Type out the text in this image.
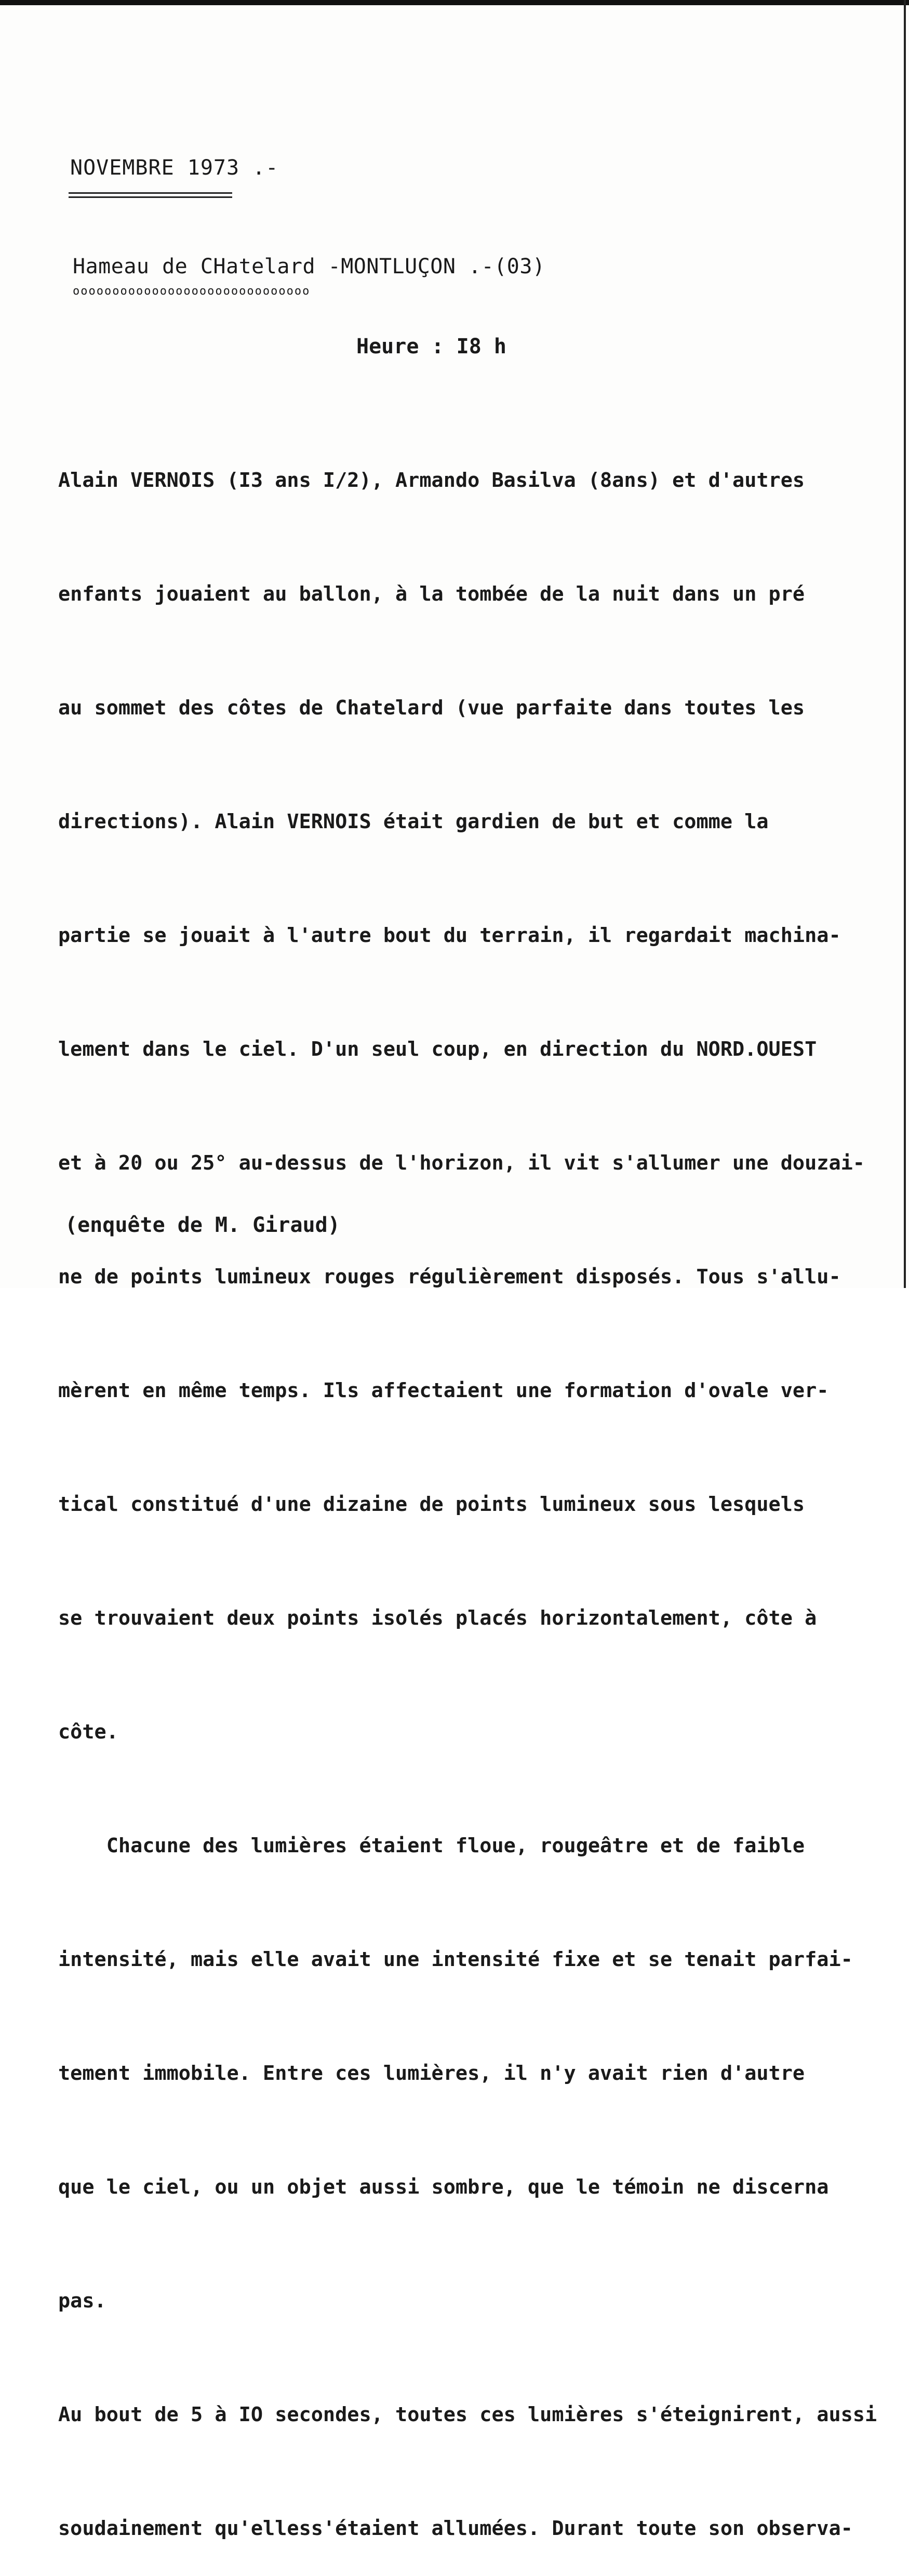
NOVEMBRE 1973 .-
Hameau de CHatelard -MONTLUÇON .-(03)
oooooooooooooooooooooooooooooo
Heure : I8 h

Alain VERNOIS (I3 ans I/2), Armando Basilva (8ans) et d'autres

enfants jouaient au ballon, à la tombée de la nuit dans un pré

au sommet des côtes de Chatelard (vue parfaite dans toutes les

directions). Alain VERNOIS était gardien de but et comme la

partie se jouait à l'autre bout du terrain, il regardait machina-

lement dans le ciel. D'un seul coup, en direction du NORD.OUEST

et à 20 ou 25° au-dessus de l'horizon, il vit s'allumer une douzai-

ne de points lumineux rouges régulièrement disposés. Tous s'allu-

mèrent en même temps. Ils affectaient une formation d'ovale ver-

tical constitué d'une dizaine de points lumineux sous lesquels

se trouvaient deux points isolés placés horizontalement, côte à

côte.

Chacune des lumières étaient floue, rougeâtre et de faible

intensité, mais elle avait une intensité fixe et se tenait parfai-

tement immobile. Entre ces lumières, il n'y avait rien d'autre

que le ciel, ou un objet aussi sombre, que le témoin ne discerna

pas.

Au bout de 5 à IO secondes, toutes ces lumières s'éteignirent, aussi

soudainement qu'elless'étaient allumées. Durant toute son observa-

(enquête de M. Giraud)
